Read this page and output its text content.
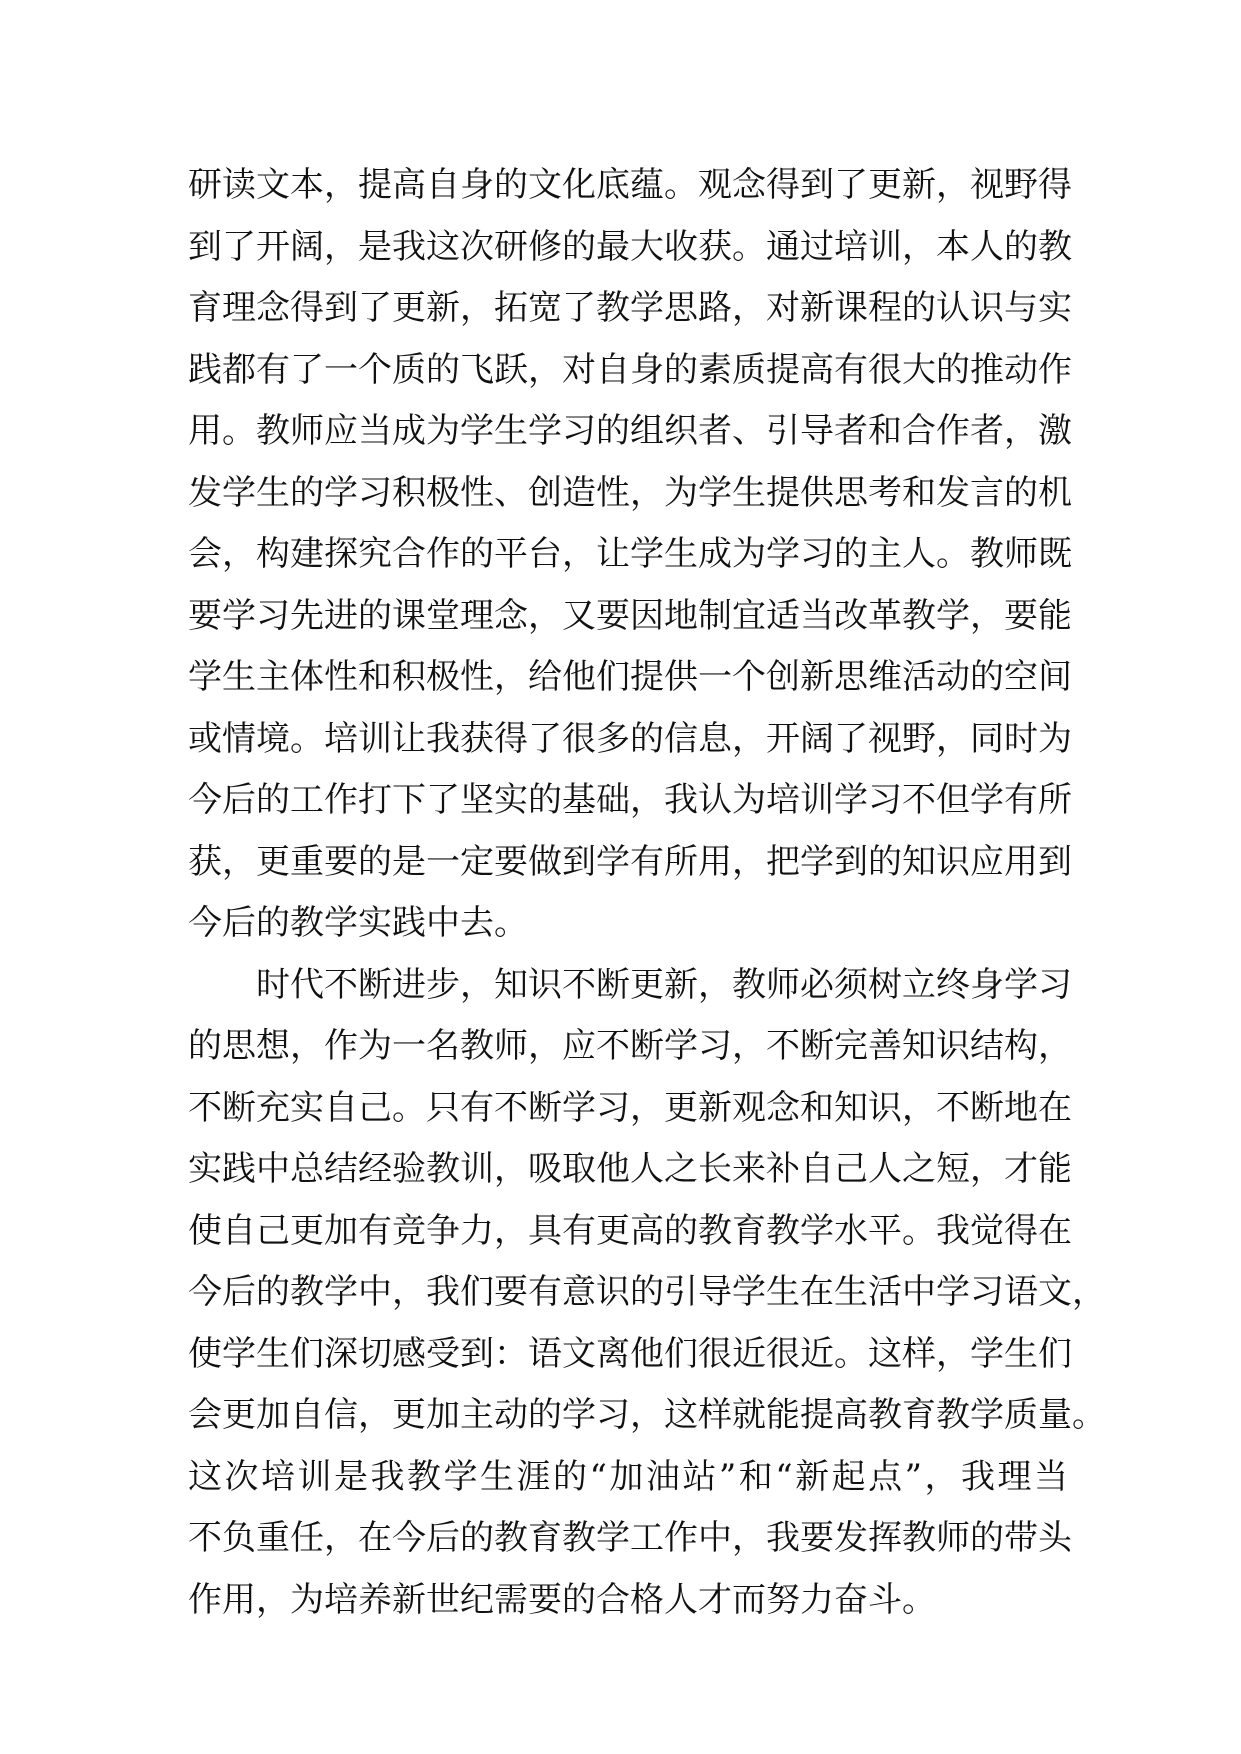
研读文本，提高自身的文化底蕴。观念得到了更新，视野得
到了开阔，是我这次研修的最大收获。通过培训，本人的教
育理念得到了更新，拓宽了教学思路，对新课程的认识与实
践都有了一个质的飞跃，对自身的素质提高有很大的推动作
用。教师应当成为学生学习的组织者、引导者和合作者，激
发学生的学习积极性、创造性，为学生提供思考和发言的机
会，构建探究合作的平台，让学生成为学习的主人。教师既
要学习先进的课堂理念，又要因地制宜适当改革教学，要能
学生主体性和积极性，给他们提供一个创新思维活动的空间
或情境。培训让我获得了很多的信息，开阔了视野，同时为
今后的工作打下了坚实的基础，我认为培训学习不但学有所
获，更重要的是一定要做到学有所用，把学到的知识应用到
今后的教学实践中去。
时代不断进步，知识不断更新，教师必须树立终身学习
的思想，作为一名教师，应不断学习，不断完善知识结构，
不断充实自己。只有不断学习，更新观念和知识，不断地在
实践中总结经验教训，吸取他人之长来补自己人之短，才能
使自己更加有竞争力，具有更高的教育教学水平。我觉得在
今后的教学中，我们要有意识的引导学生在生活中学习语文，
使学生们深切感受到：语文离他们很近很近。这样，学生们
会更加自信，更加主动的学习，这样就能提高教育教学质量。
这次培训是我教学生涯的“加油站”和“新起点”，我理当
不负重任，在今后的教育教学工作中，我要发挥教师的带头
作用，为培养新世纪需要的合格人才而努力奋斗。
